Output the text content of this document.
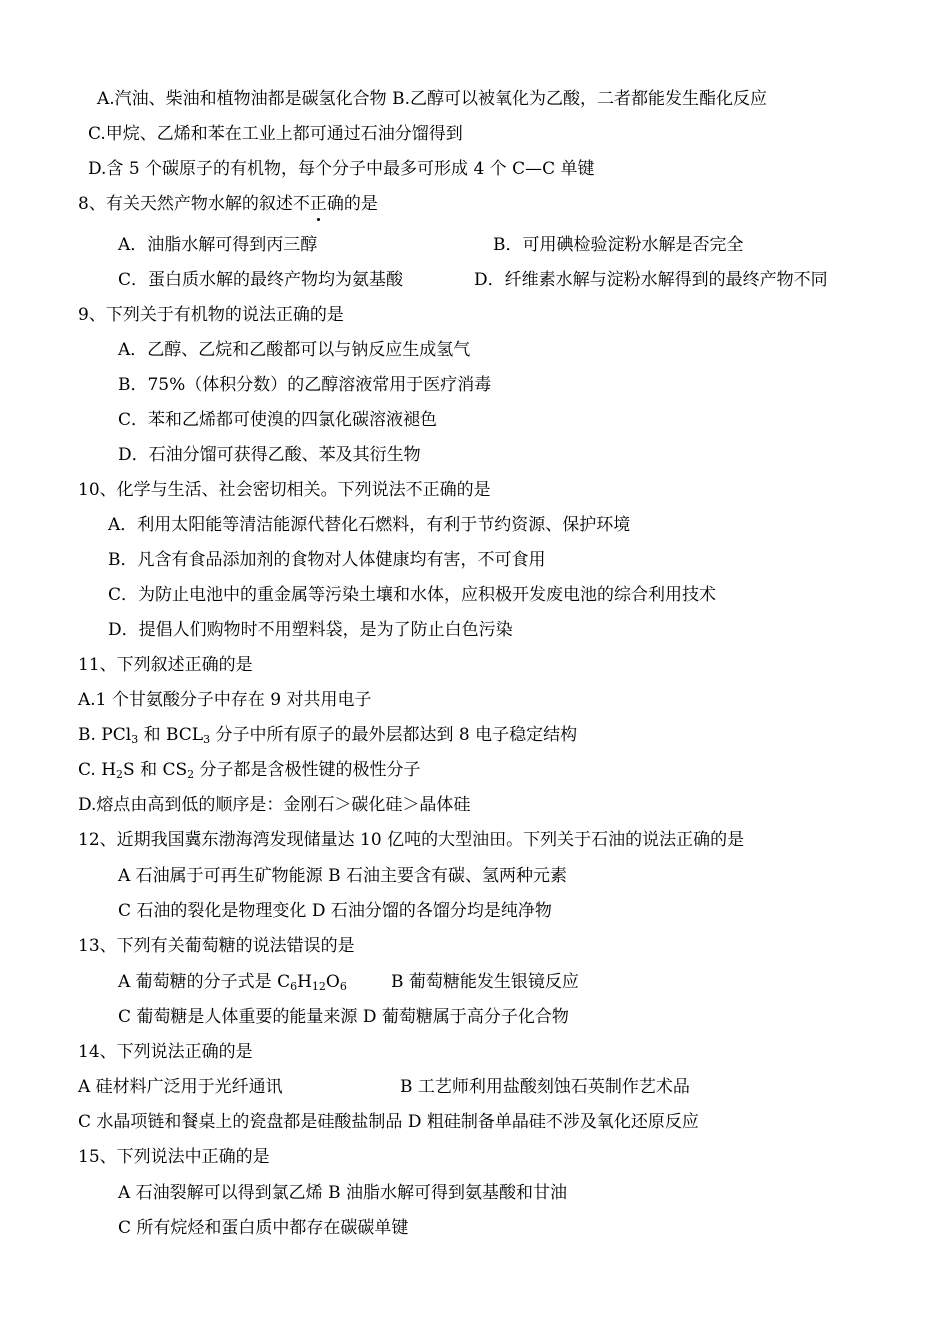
A.汽油、柴油和植物油都是碳氢化合物 B.乙醇可以被氧化为乙酸，二者都能发生酯化反应
C.甲烷、乙烯和苯在工业上都可通过石油分馏得到
D.含 5 个碳原子的有机物，每个分子中最多可形成 4 个 C—C 单键
8、有关天然产物水解的叙述不正确的是
A．油脂水解可得到丙三醇	B．可用碘检验淀粉水解是否完全
C．蛋白质水解的最终产物均为氨基酸	D．纤维素水解与淀粉水解得到的最终产物不同
9、下列关于有机物的说法正确的是
A．乙醇、乙烷和乙酸都可以与钠反应生成氢气
B．75%（体积分数）的乙醇溶液常用于医疗消毒
C．苯和乙烯都可使溴的四氯化碳溶液褪色
D．石油分馏可获得乙酸、苯及其衍生物
10、化学与生活、社会密切相关。下列说法不正确的是
A．利用太阳能等清洁能源代替化石燃料，有利于节约资源、保护环境
B．凡含有食品添加剂的食物对人体健康均有害，不可食用
C．为防止电池中的重金属等污染土壤和水体，应积极开发废电池的综合利用技术
D．提倡人们购物时不用塑料袋，是为了防止白色污染
11、下列叙述正确的是
A.1 个甘氨酸分子中存在 9 对共用电子
B. PCl$_3$ 和 $BCL_3$ 分子中所有原子的最外层都达到 8 电子稳定结构
C. $H_2S$ 和 $CS_2$ 分子都是含极性键的极性分子
D.熔点由高到低的顺序是：金刚石＞碳化硅＞晶体硅
12、近期我国冀东渤海湾发现储量达 10 亿吨的大型油田。下列关于石油的说法正确的是
A 石油属于可再生矿物能源 B 石油主要含有碳、氢两种元素
C 石油的裂化是物理变化 D 石油分馏的各馏分均是纯净物
13、下列有关葡萄糖的说法错误的是
A 葡萄糖的分子式是 $C_6H_{12}O_6$	B 葡萄糖能发生银镜反应
C 葡萄糖是人体重要的能量来源 D 葡萄糖属于高分子化合物
14、下列说法正确的是
A 硅材料广泛用于光纤通讯	B 工艺师利用盐酸刻蚀石英制作艺术品
C 水晶项链和餐桌上的瓷盘都是硅酸盐制品 D 粗硅制备单晶硅不涉及氧化还原反应
15、下列说法中正确的是
A 石油裂解可以得到氯乙烯 B 油脂水解可得到氨基酸和甘油
C 所有烷烃和蛋白质中都存在碳碳单键
